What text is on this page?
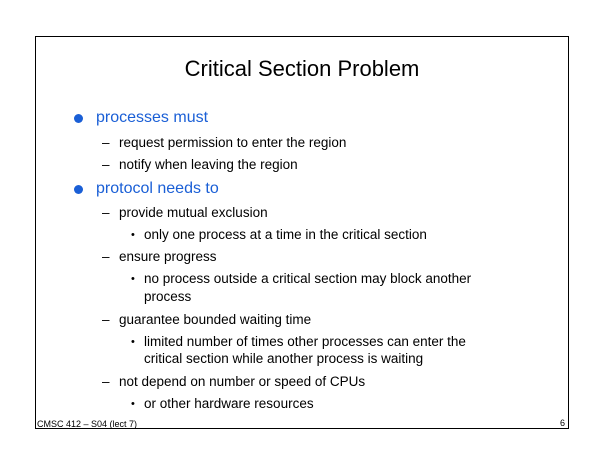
Critical Section Problem
processes must
– request permission to enter the region
– notify when leaving the region
protocol needs to
– provide mutual exclusion
• only one process at a time in the critical section
– ensure progress
• no process outside a critical section may block another
process
– guarantee bounded waiting time
• limited number of times other processes can enter the
critical section while another process is waiting
– not depend on number or speed of CPUs
• or other hardware resources
CMSC 412 – S04 (lect 7)	6
